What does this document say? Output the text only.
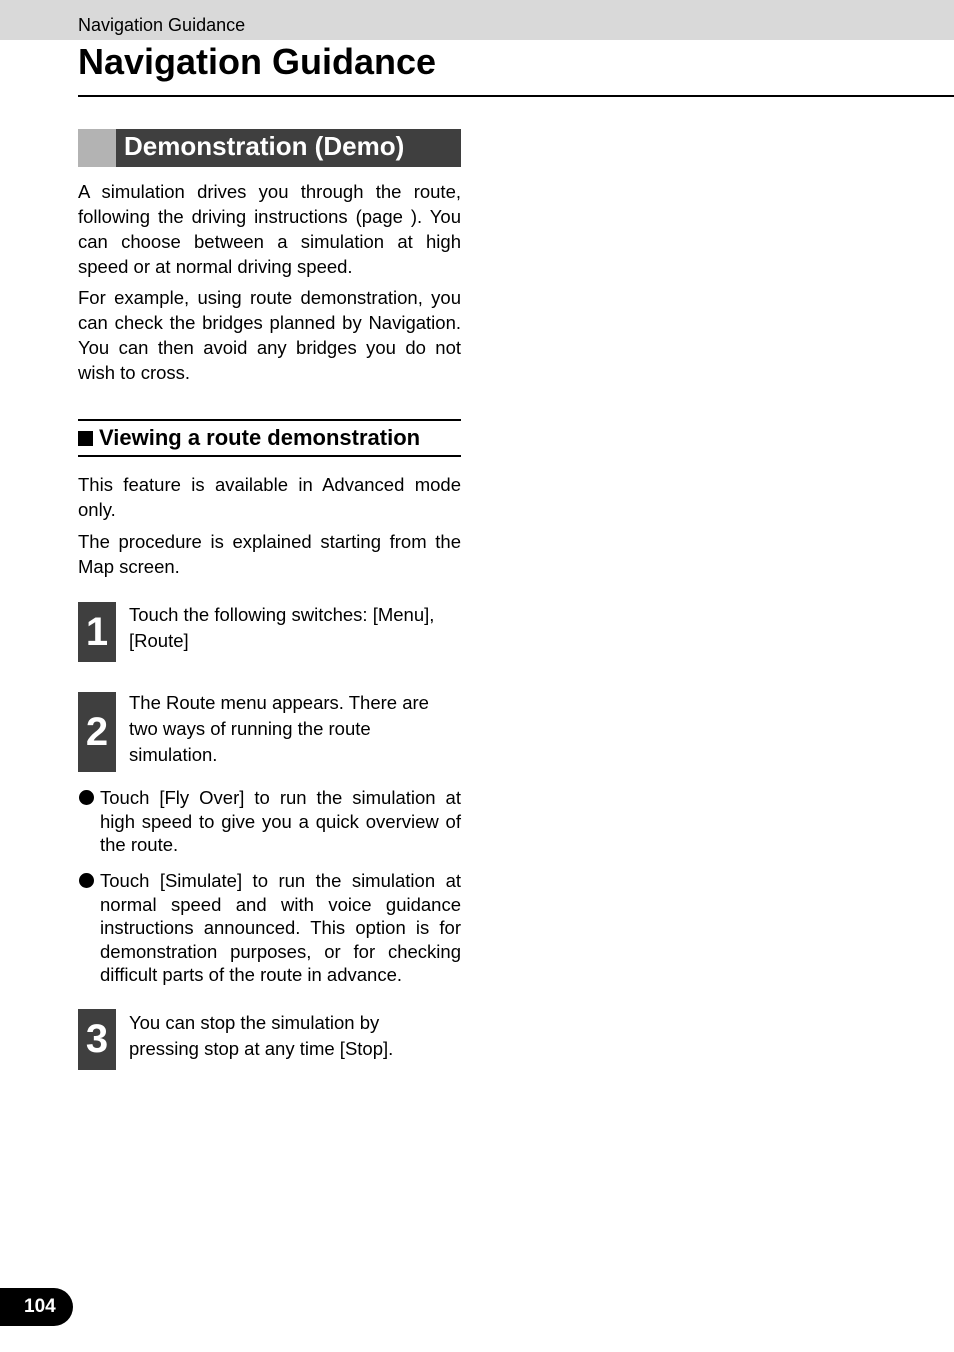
Navigation Guidance
Navigation Guidance
Demonstration (Demo)

A simulation drives you through the route, following the driving instructions (page ). You can choose between a simulation at high speed or at normal driving speed.

For example, using route demonstration, you can check the bridges planned by Navigation. You can then avoid any bridges you do not wish to cross.

Viewing a route demonstration

This feature is available in Advanced mode only.

The procedure is explained starting from the Map screen.

1	Touch the following switches: [Menu], [Route]

2

The Route menu appears. There are two ways of running the route simulation.

Touch [Fly Over] to run the simulation at high speed to give you a quick overview of the route.

Touch [Simulate] to run the simulation at normal speed and with voice guidance instructions announced. This option is for demonstration purposes, or for checking difficult parts of the route in advance.

3	You can stop the simulation by pressing stop at any time [Stop].

104
